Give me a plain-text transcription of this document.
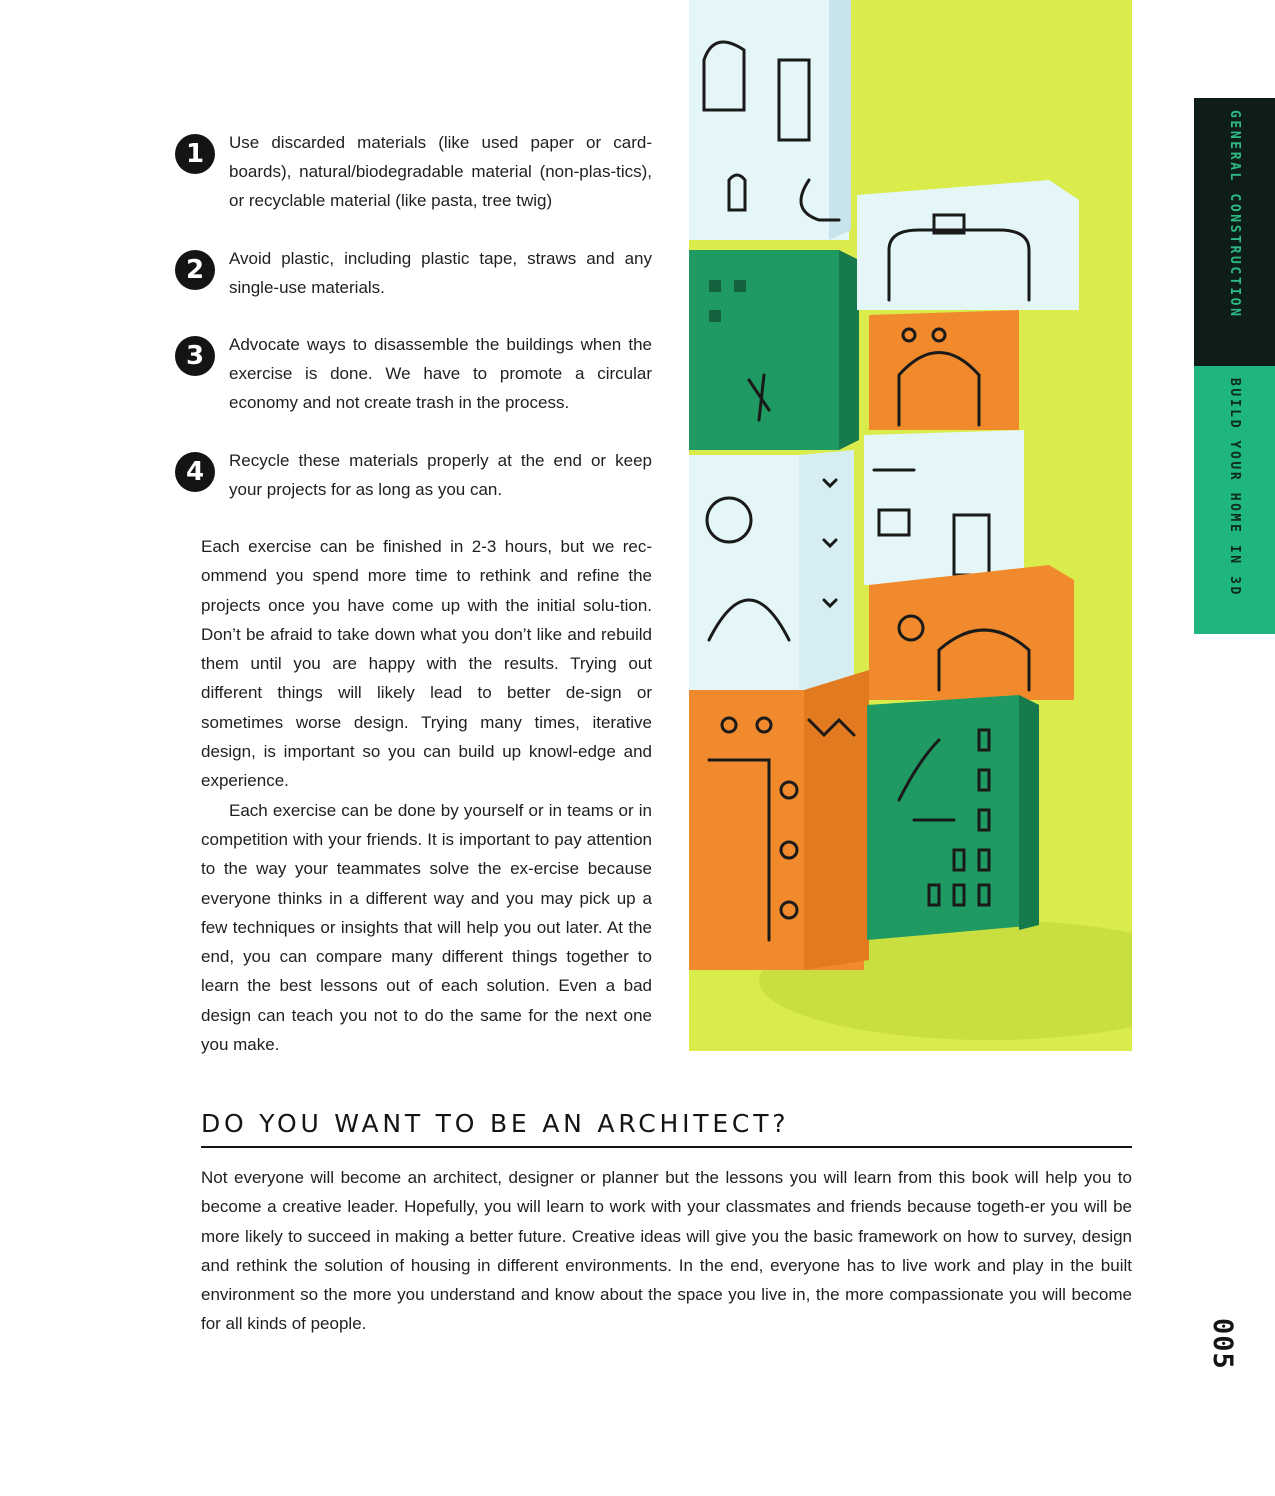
1	Use discarded materials (like used paper or card-boards), natural/biodegradable material (non-plas-tics), or recyclable material (like pasta, tree twig)

2	Avoid plastic, including plastic tape, straws and any single-use materials.

3	Advocate ways to disassemble the buildings when the exercise is done. We have to promote a circular economy and not create trash in the process.

4	Recycle these materials properly at the end or keep your projects for as long as you can.

Each exercise can be finished in 2-3 hours, but we rec-ommend you spend more time to rethink and refine the projects once you have come up with the initial solu-tion. Don’t be afraid to take down what you don’t like and rebuild them until you are happy with the results. Trying out different things will likely lead to better de-sign or sometimes worse design. Trying many times, iterative design, is important so you can build up knowl-edge and experience.

Each exercise can be done by yourself or in teams or in competition with your friends. It is important to pay attention to the way your teammates solve the ex-ercise because everyone thinks in a different way and you may pick up a few techniques or insights that will help you out later. At the end, you can compare many different things together to learn the best lessons out of each solution. Even a bad design can teach you not to do the same for the next one you make.

GENERAL CONSTRUCTION
BUILD YOUR HOME IN 3D
005
DO YOU WANT TO BE AN ARCHITECT?

Not everyone will become an architect, designer or planner but the lessons you will learn from this book will help you to become a creative leader. Hopefully, you will learn to work with your classmates and friends because togeth-er you will be more likely to succeed in making a better future. Creative ideas will give you the basic framework on how to survey, design and rethink the solution of housing in different environments. In the end, everyone has to live work and play in the built environment so the more you understand and know about the space you live in, the more compassionate you will become for all kinds of people.
